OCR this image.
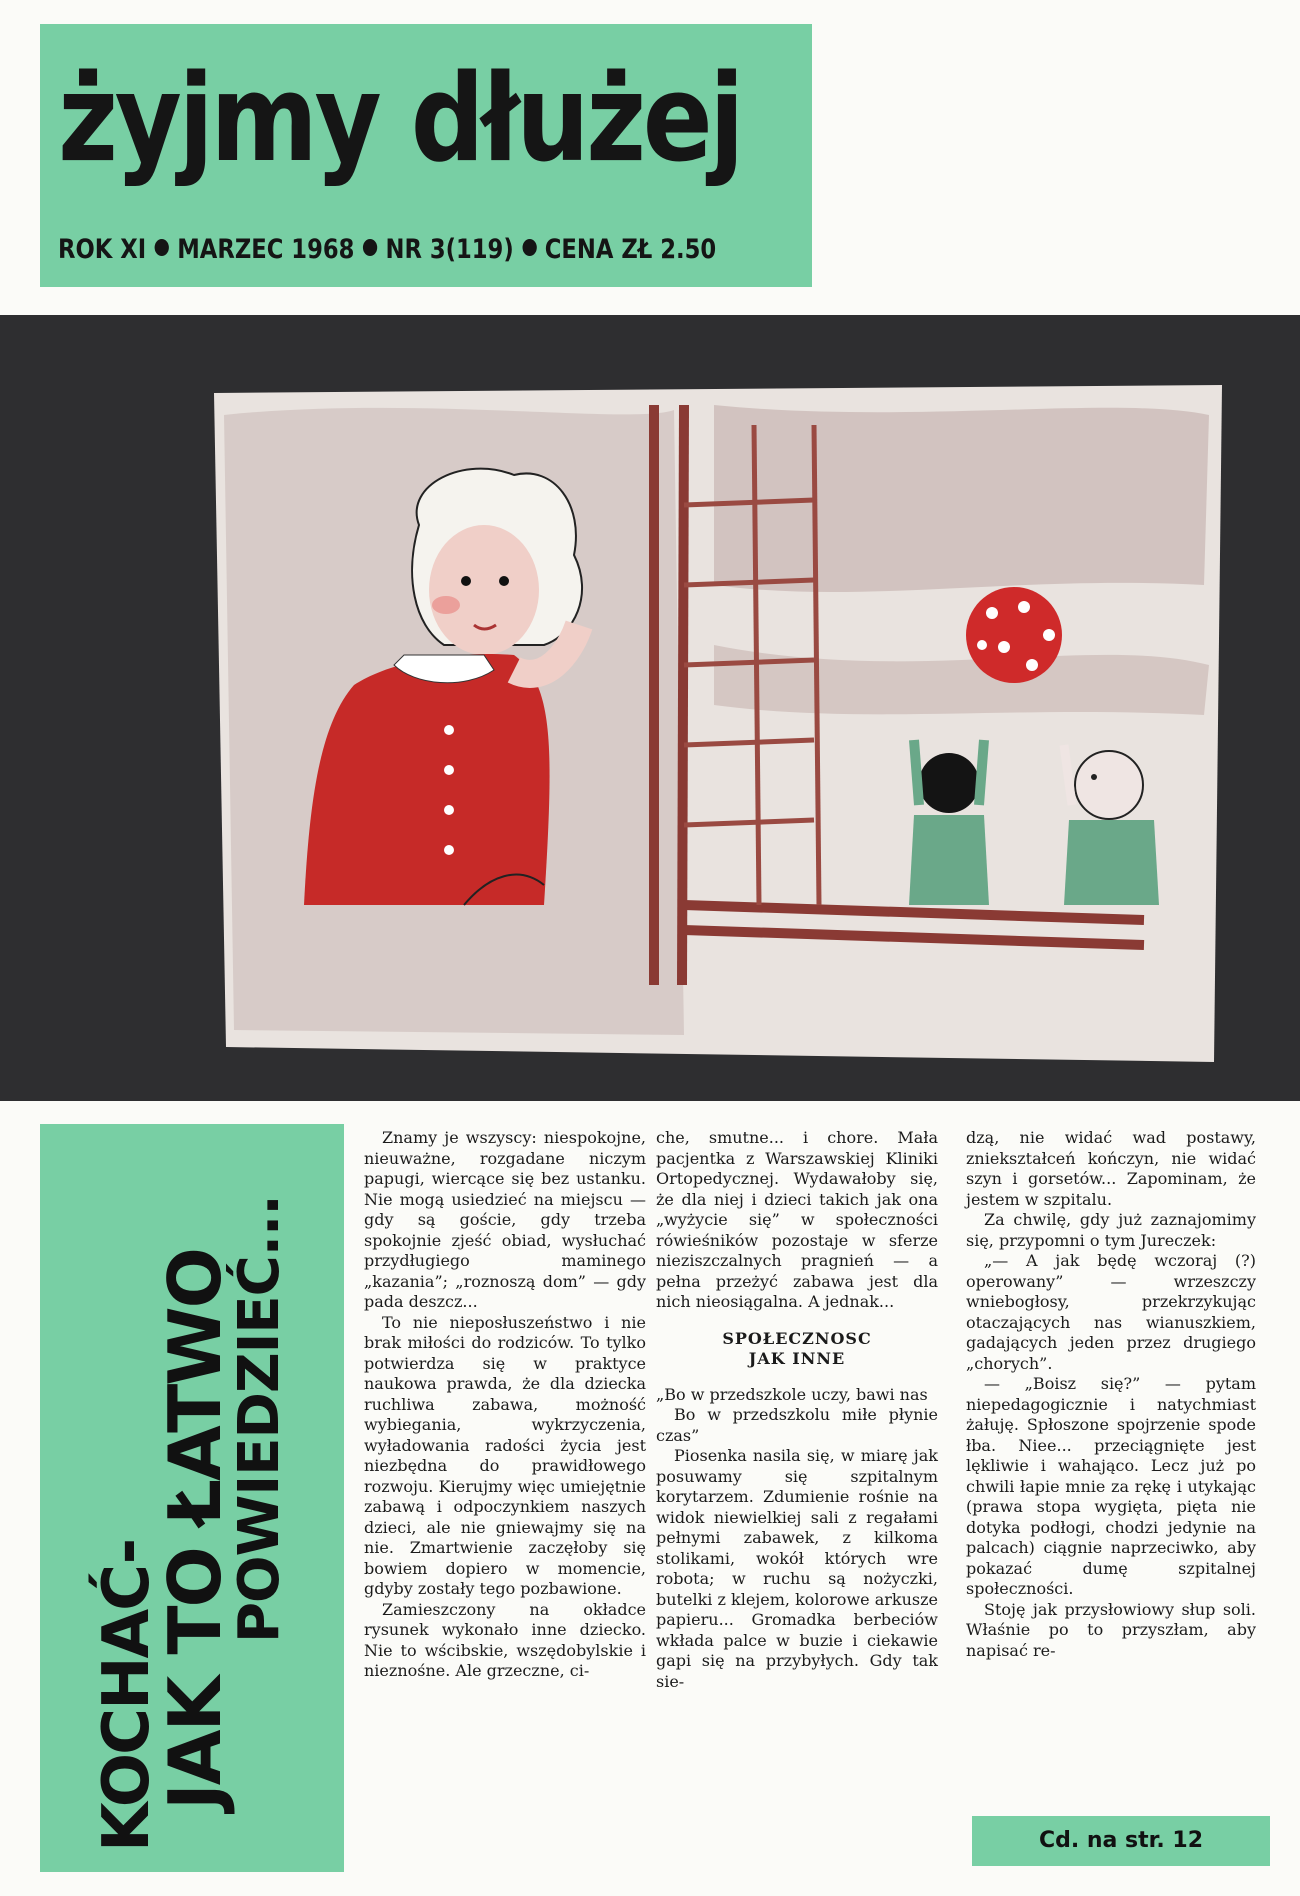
żyjmy dłużej
ROK XI MARZEC 1968 NR 3(119) CENA ZŁ 2.50
KOCHAĆ-
JAK TO ŁATWO
POWIEDZIEĆ...

Znamy je wszyscy: niespokojne, nieuważne, rozgadane niczym papugi, wiercące się bez ustanku. Nie mogą usiedzieć na miejscu — gdy są goście, gdy trzeba spokojnie zjeść obiad, wysłuchać przydługiego maminego „kazania”; „roznoszą dom” — gdy pada deszcz...

To nie nieposłuszeństwo i nie brak miłości do rodziców. To tylko potwierdza się w praktyce naukowa prawda, że dla dziecka ruchliwa zabawa, możność wybiegania, wykrzyczenia, wyładowania radości życia jest niezbędna do prawidłowego rozwoju. Kierujmy więc umiejętnie zabawą i odpoczynkiem naszych dzieci, ale nie gniewajmy się na nie. Zmartwienie zaczęłoby się bowiem dopiero w momencie, gdyby zostały tego pozbawione.

Zamieszczony na okładce rysunek wykonało inne dziecko. Nie to wścibskie, wszędobylskie i nieznośne. Ale grzeczne, ci-

che, smutne... i chore. Mała pacjentka z Warszawskiej Kliniki Ortopedycznej. Wydawałoby się, że dla niej i dzieci takich jak ona „wyżycie się” w społeczności rówieśników pozostaje w sferze nieziszczalnych pragnień — a pełna przeżyć zabawa jest dla nich nieosiągalna. A jednak...

SPOŁECZNOSC
JAK INNE

„Bo w przedszkole uczy, bawi nas

Bo w przedszkolu miłe płynie czas”

Piosenka nasila się, w miarę jak posuwamy się szpitalnym korytarzem. Zdumienie rośnie na widok niewielkiej sali z regałami pełnymi zabawek, z kilkoma stolikami, wokół których wre robota; w ruchu są nożyczki, butelki z klejem, kolorowe arkusze papieru... Gromadka berbeciów wkłada palce w buzie i ciekawie gapi się na przybyłych. Gdy tak sie-

dzą, nie widać wad postawy, zniekształceń kończyn, nie widać szyn i gorsetów... Zapominam, że jestem w szpitalu.

Za chwilę, gdy już zaznajomimy się, przypomni o tym Jureczek:

„— A jak będę wczoraj (?) operowany” — wrzeszczy wniebogłosy, przekrzykując otaczających nas wianuszkiem, gadających jeden przez drugiego „chorych”.

— „Boisz się?” — pytam niepedagogicznie i natychmiast żałuję. Spłoszone spojrzenie spode łba. Niee... przeciągnięte jest lękliwie i wahająco. Lecz już po chwili łapie mnie za rękę i utykając (prawa stopa wygięta, pięta nie dotyka podłogi, chodzi jedynie na palcach) ciągnie naprzeciwko, aby pokazać dumę szpitalnej społeczności.

Stoję jak przysłowiowy słup soli. Właśnie po to przyszłam, aby napisać re-

Cd. na str. 12
